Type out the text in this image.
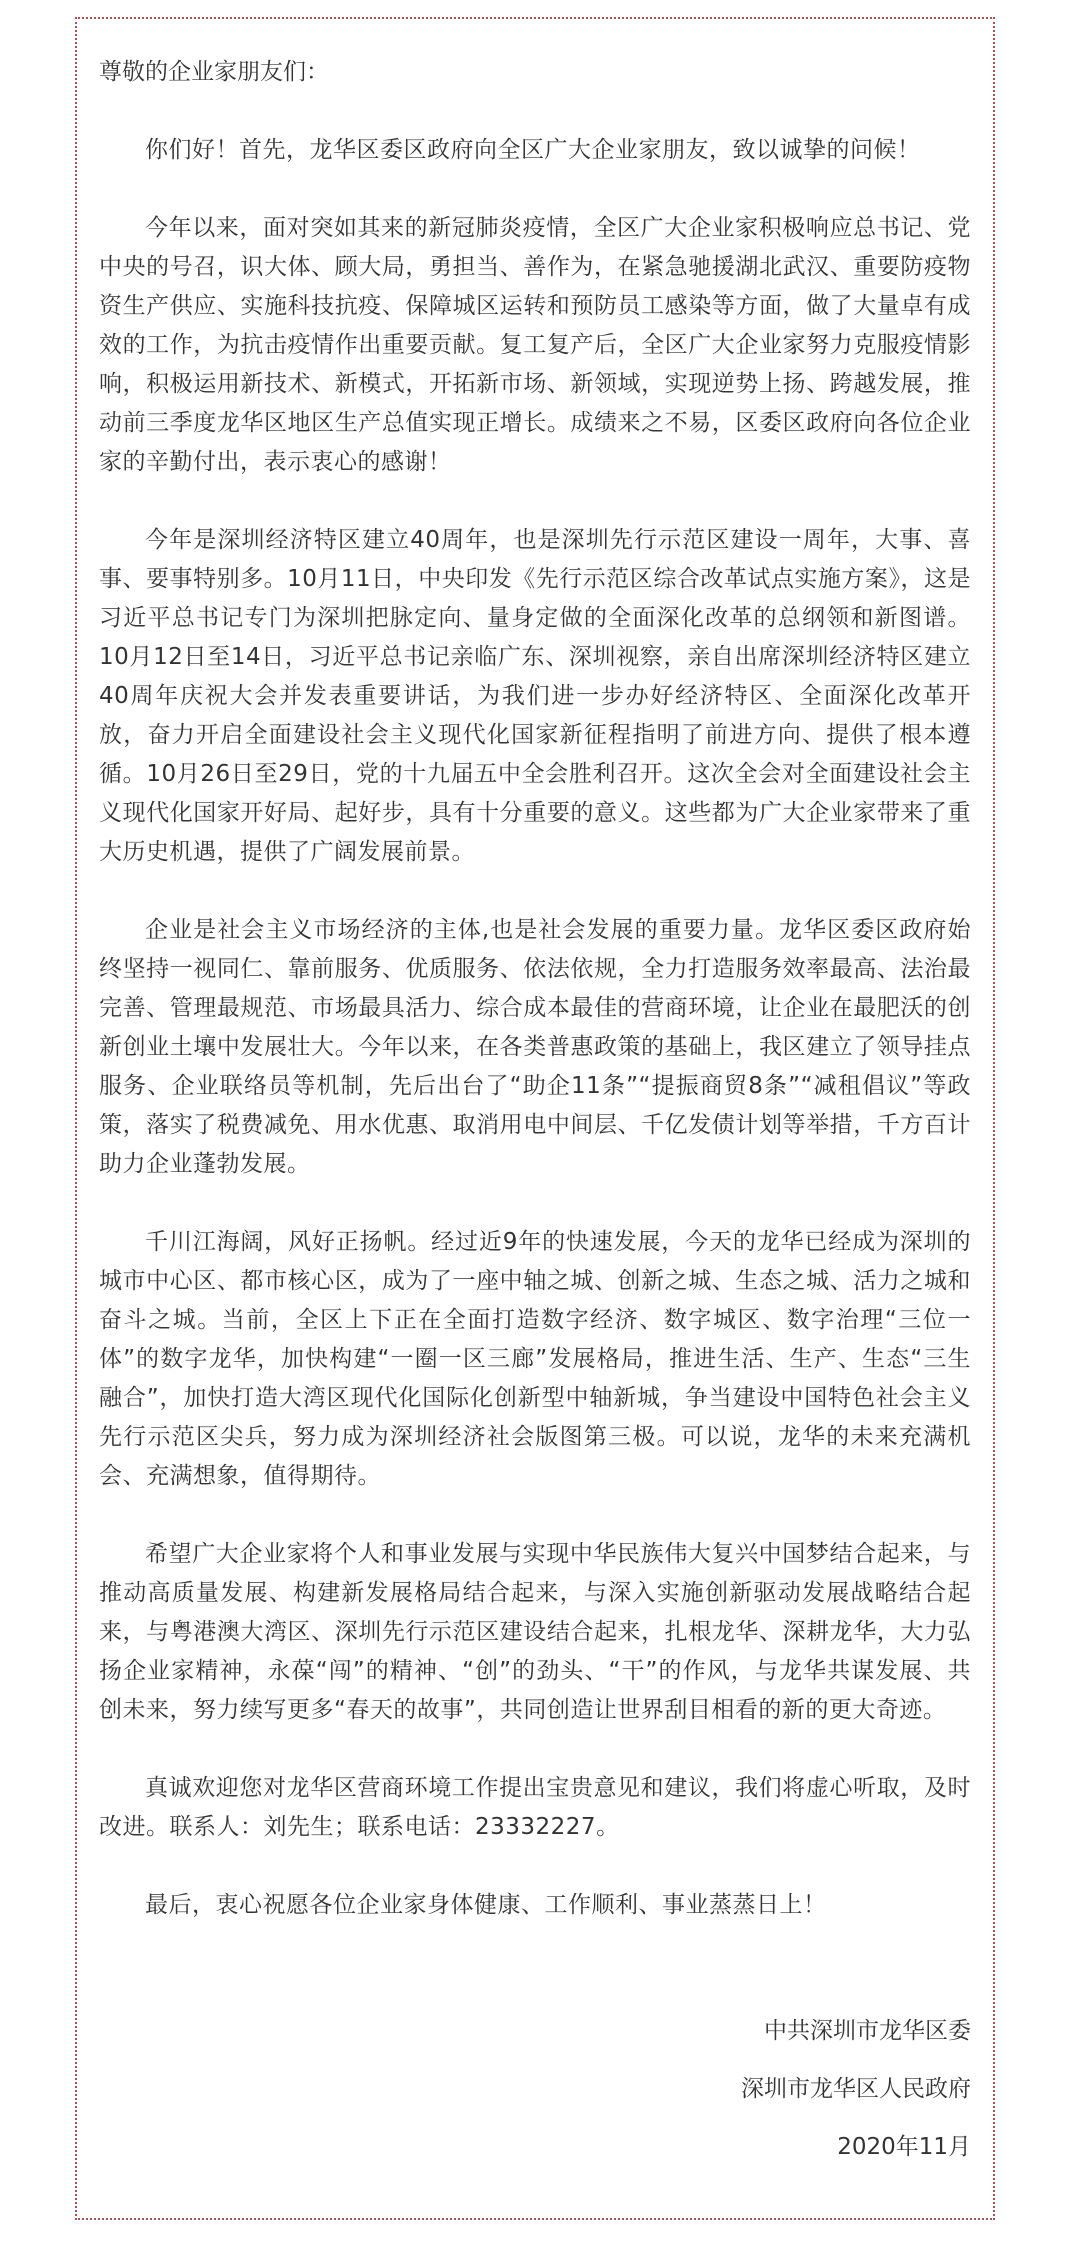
尊敬的企业家朋友们：

你们好！首先，龙华区委区政府向全区广大企业家朋友，致以诚挚的问候！

今年以来，面对突如其来的新冠肺炎疫情，全区广大企业家积极响应总书记、党中央的号召，识大体、顾大局，勇担当、善作为，在紧急驰援湖北武汉、重要防疫物资生产供应、实施科技抗疫、保障城区运转和预防员工感染等方面，做了大量卓有成效的工作，为抗击疫情作出重要贡献。复工复产后，全区广大企业家努力克服疫情影响，积极运用新技术、新模式，开拓新市场、新领域，实现逆势上扬、跨越发展，推动前三季度龙华区地区生产总值实现正增长。成绩来之不易，区委区政府向各位企业家的辛勤付出，表示衷心的感谢！

今年是深圳经济特区建立40周年，也是深圳先行示范区建设一周年，大事、喜事、要事特别多。10月11日，中央印发《先行示范区综合改革试点实施方案》，这是习近平总书记专门为深圳把脉定向、量身定做的全面深化改革的总纲领和新图谱。10月12日至14日，习近平总书记亲临广东、深圳视察，亲自出席深圳经济特区建立40周年庆祝大会并发表重要讲话，为我们进一步办好经济特区、全面深化改革开放，奋力开启全面建设社会主义现代化国家新征程指明了前进方向、提供了根本遵循。10月26日至29日，党的十九届五中全会胜利召开。这次全会对全面建设社会主义现代化国家开好局、起好步，具有十分重要的意义。这些都为广大企业家带来了重大历史机遇，提供了广阔发展前景。

企业是社会主义市场经济的主体,也是社会发展的重要力量。龙华区委区政府始终坚持一视同仁、靠前服务、优质服务、依法依规，全力打造服务效率最高、法治最完善、管理最规范、市场最具活力、综合成本最佳的营商环境，让企业在最肥沃的创新创业土壤中发展壮大。今年以来，在各类普惠政策的基础上，我区建立了领导挂点服务、企业联络员等机制，先后出台了“助企11条”“提振商贸8条”“减租倡议”等政策，落实了税费减免、用水优惠、取消用电中间层、千亿发债计划等举措，千方百计助力企业蓬勃发展。

千川江海阔，风好正扬帆。经过近9年的快速发展，今天的龙华已经成为深圳的城市中心区、都市核心区，成为了一座中轴之城、创新之城、生态之城、活力之城和奋斗之城。当前，全区上下正在全面打造数字经济、数字城区、数字治理“三位一体”的数字龙华，加快构建“一圈一区三廊”发展格局，推进生活、生产、生态“三生融合”，加快打造大湾区现代化国际化创新型中轴新城，争当建设中国特色社会主义先行示范区尖兵，努力成为深圳经济社会版图第三极。可以说，龙华的未来充满机会、充满想象，值得期待。

希望广大企业家将个人和事业发展与实现中华民族伟大复兴中国梦结合起来，与推动高质量发展、构建新发展格局结合起来，与深入实施创新驱动发展战略结合起来，与粤港澳大湾区、深圳先行示范区建设结合起来，扎根龙华、深耕龙华，大力弘扬企业家精神，永葆“闯”的精神、“创”的劲头、“干”的作风，与龙华共谋发展、共创未来，努力续写更多“春天的故事”，共同创造让世界刮目相看的新的更大奇迹。

真诚欢迎您对龙华区营商环境工作提出宝贵意见和建议，我们将虚心听取，及时改进。联系人：刘先生；联系电话：23332227。

最后，衷心祝愿各位企业家身体健康、工作顺利、事业蒸蒸日上！

中共深圳市龙华区委
深圳市龙华区人民政府
2020年11月
